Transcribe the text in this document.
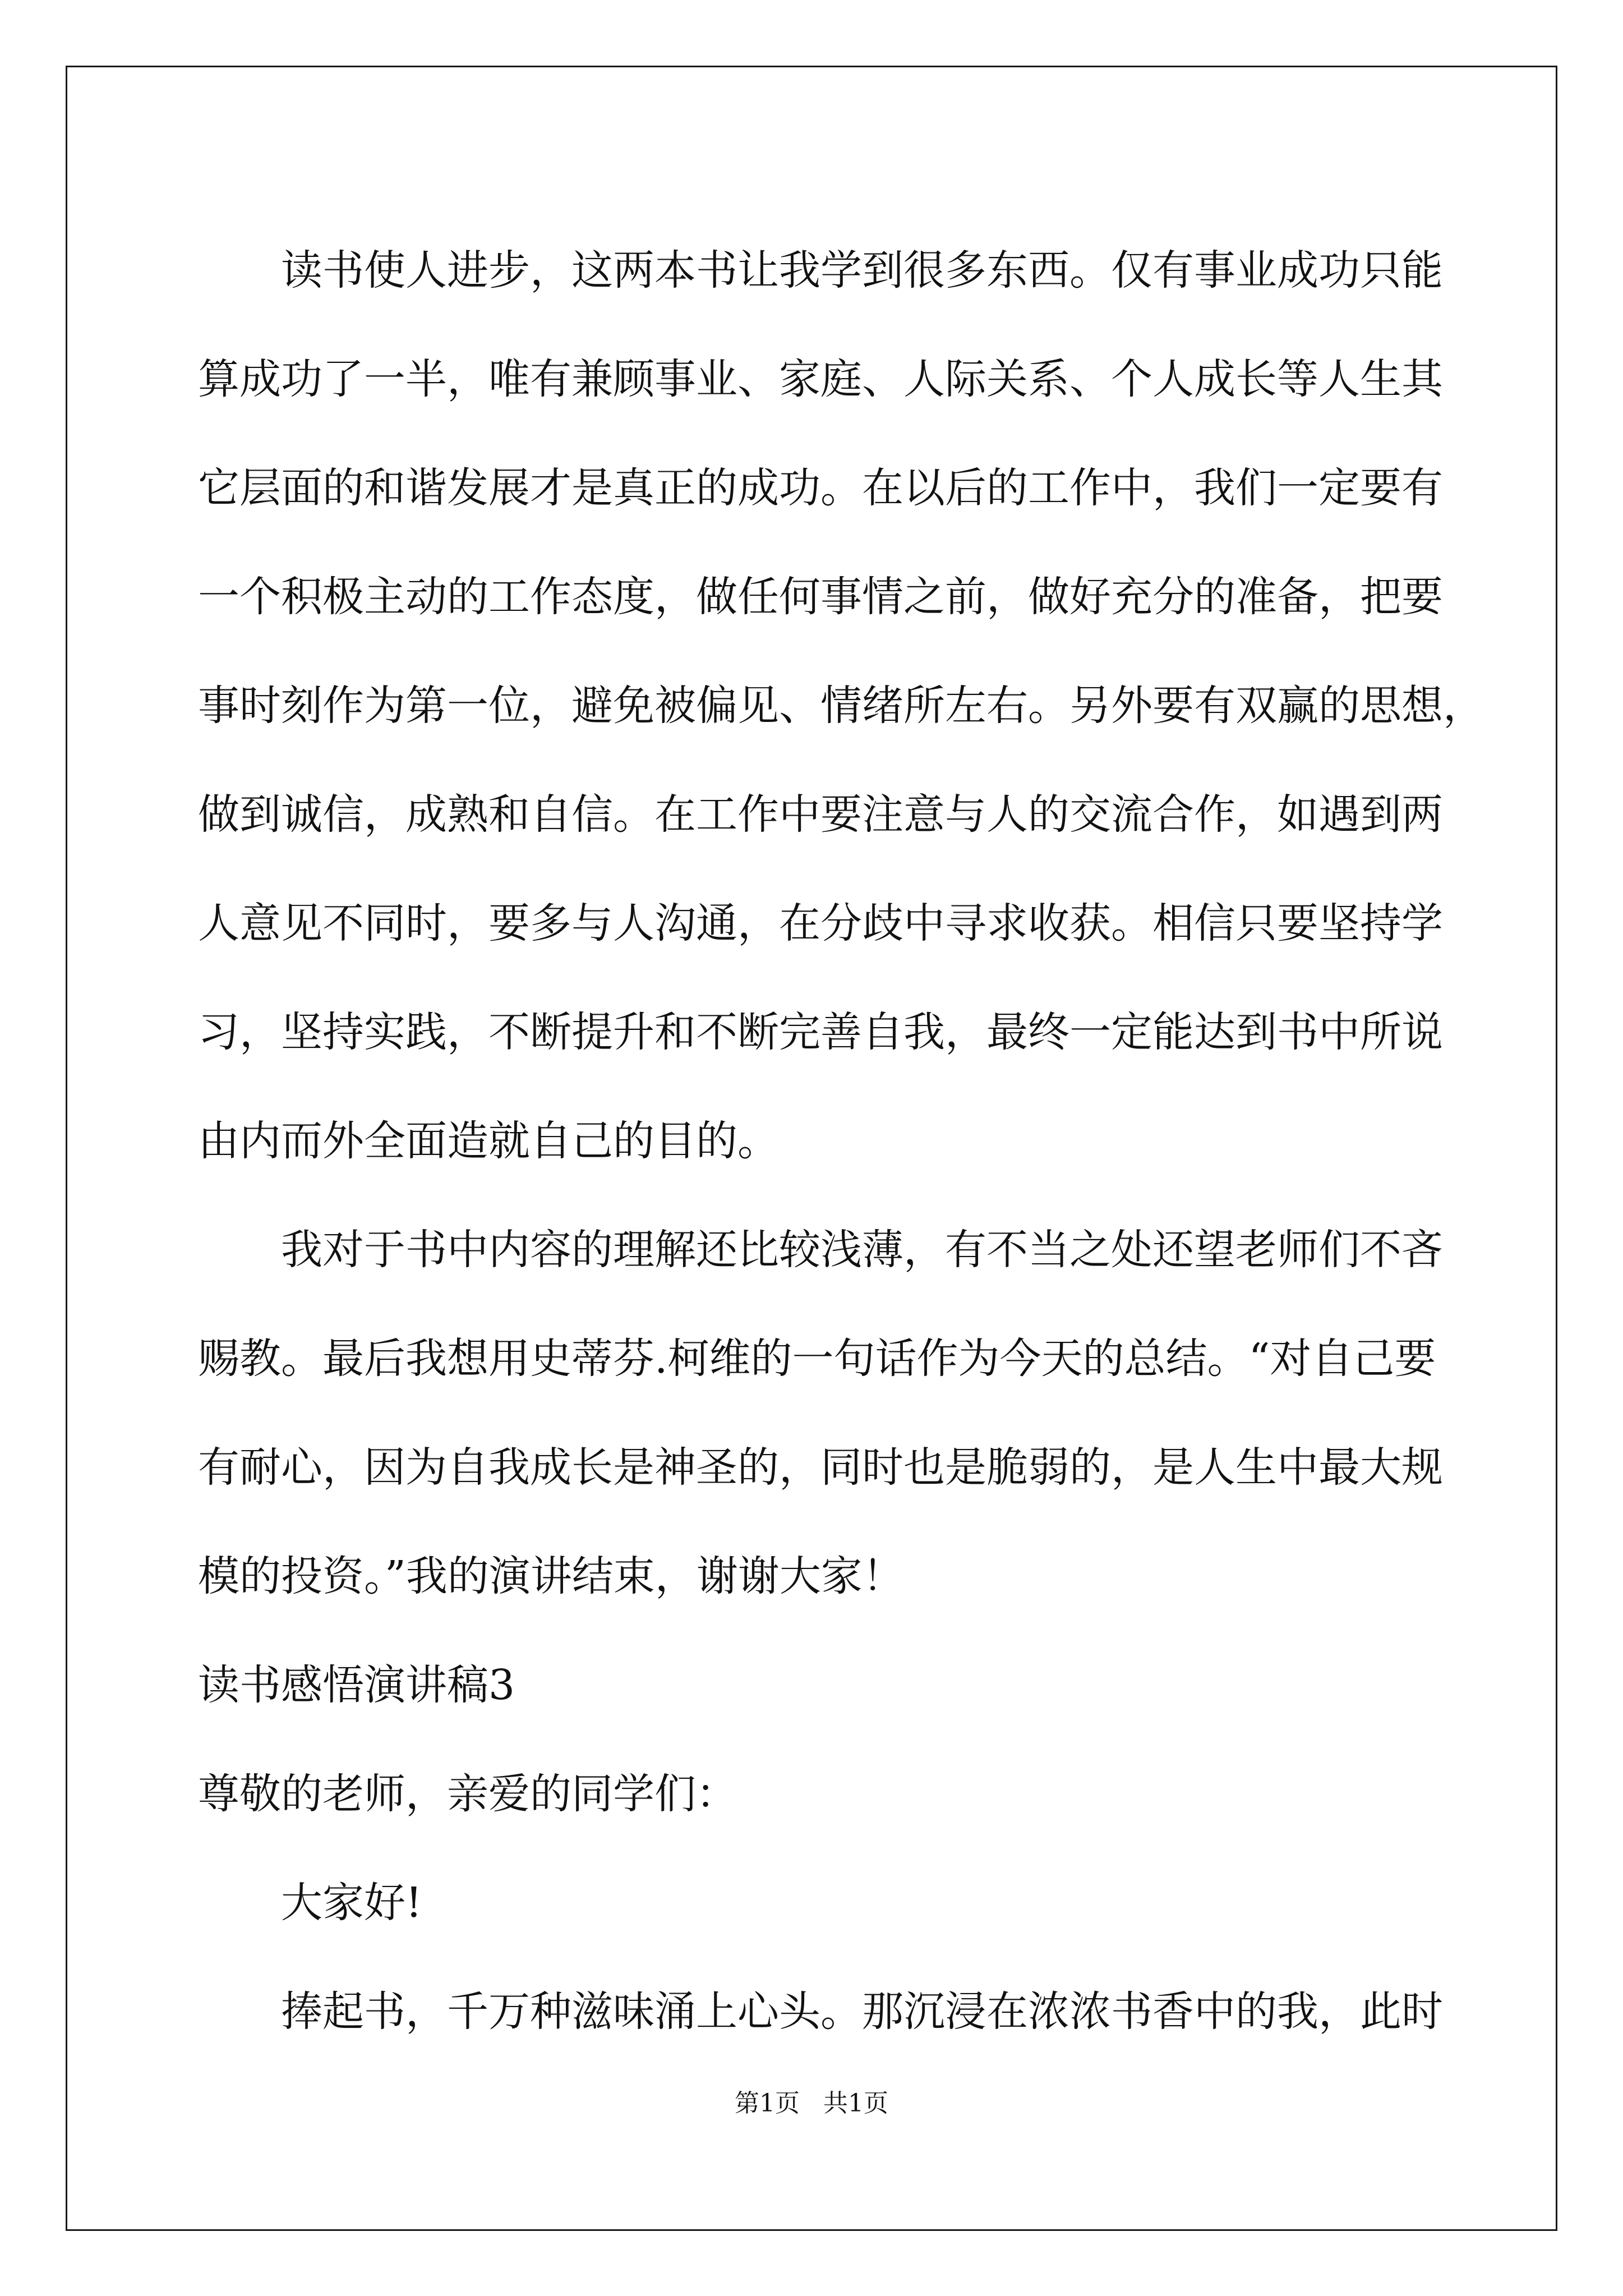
读书使人进步，这两本书让我学到很多东西。仅有事业成功只能

算成功了一半，唯有兼顾事业、家庭、人际关系、个人成长等人生其

它层面的和谐发展才是真正的成功。在以后的工作中，我们一定要有

一个积极主动的工作态度，做任何事情之前，做好充分的准备，把要

事时刻作为第一位，避免被偏见、情绪所左右。另外要有双赢的思想，

做到诚信，成熟和自信。在工作中要注意与人的交流合作，如遇到两

人意见不同时，要多与人沟通，在分歧中寻求收获。相信只要坚持学

习，坚持实践，不断提升和不断完善自我，最终一定能达到书中所说

由内而外全面造就自己的目的。

我对于书中内容的理解还比较浅薄，有不当之处还望老师们不吝

赐教。最后我想用史蒂芬.柯维的一句话作为今天的总结。“对自己要

有耐心，因为自我成长是神圣的，同时也是脆弱的，是人生中最大规

模的投资。”我的演讲结束，谢谢大家！

读书感悟演讲稿3

尊敬的老师，亲爱的同学们：

大家好!

捧起书，千万种滋味涌上心头。那沉浸在浓浓书香中的我，此时

第1页   共1页
